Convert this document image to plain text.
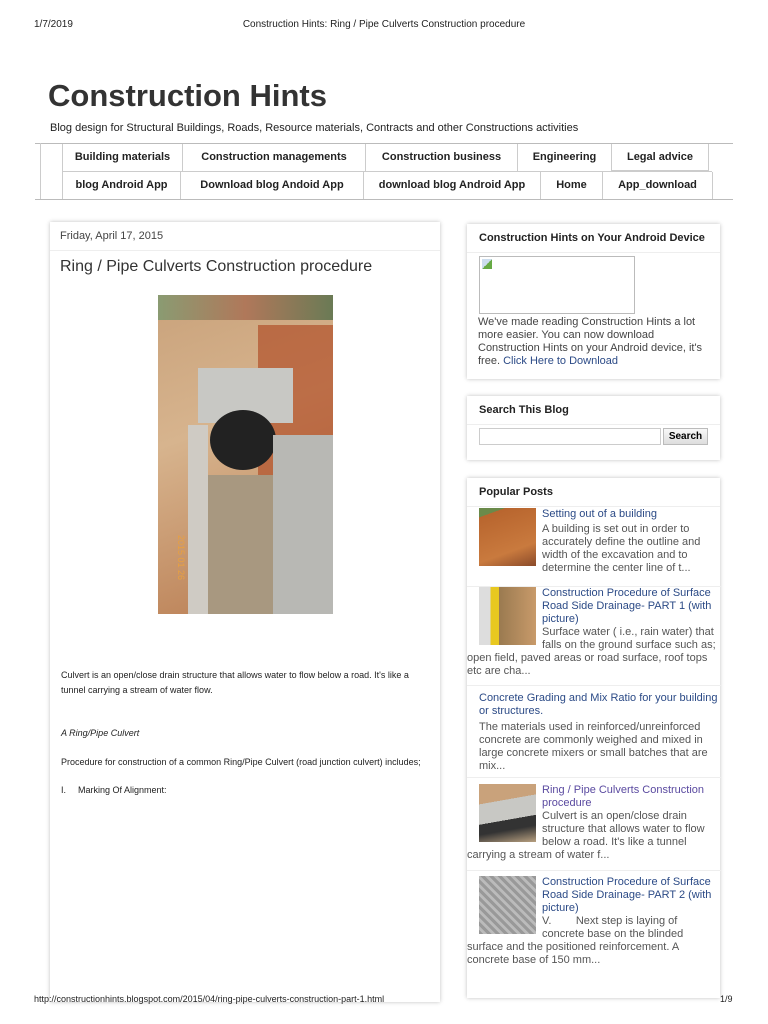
1/7/2019	Construction Hints: Ring / Pipe Culverts Construction procedure
Construction Hints
Blog design for Structural Buildings, Roads, Resource materials, Contracts and other Constructions activities
Building materials	Construction managements	Construction business	Engineering	Legal advice
blog Android App	Download blog Andoid App	download blog Android App	Home	App_download
Friday, April 17, 2015
Ring / Pipe Culverts Construction procedure
2015 01 26

Culvert is an open/close drain structure that allows water to flow below a road. It's like a tunnel carrying a stream of water flow.

A Ring/Pipe Culvert

Procedure for construction of a common Ring/Pipe Culvert (road junction culvert) includes;

I. Marking Of Alignment:

Construction Hints on Your Android Device
We've made reading Construction Hints a lot more easier. You can now download Construction Hints on your Android device, it's free. Click Here to Download
Search This Blog
Search
Popular Posts
Setting out of a building
A building is set out in order to accurately define the outline and width of the excavation and to determine the center line of t...
Construction Procedure of Surface Road Side Drainage- PART 1 (with picture)
Surface water ( i.e., rain water) that falls on the ground surface such as; open field, paved areas or road surface, roof tops etc are cha...
Concrete Grading and Mix Ratio for your building or structures.
The materials used in reinforced/unreinforced concrete are commonly weighed and mixed in large concrete mixers or small batches that are mix...
Ring / Pipe Culverts Construction procedure
Culvert is an open/close drain structure that allows water to flow below a road. It's like a tunnel carrying a stream of water f...
Construction Procedure of Surface Road Side Drainage- PART 2 (with picture)
V.        Next step is laying of concrete base on the blinded surface and the positioned reinforcement. A concrete base of 150 mm...
http://constructionhints.blogspot.com/2015/04/ring-pipe-culverts-construction-part-1.html	1/9
